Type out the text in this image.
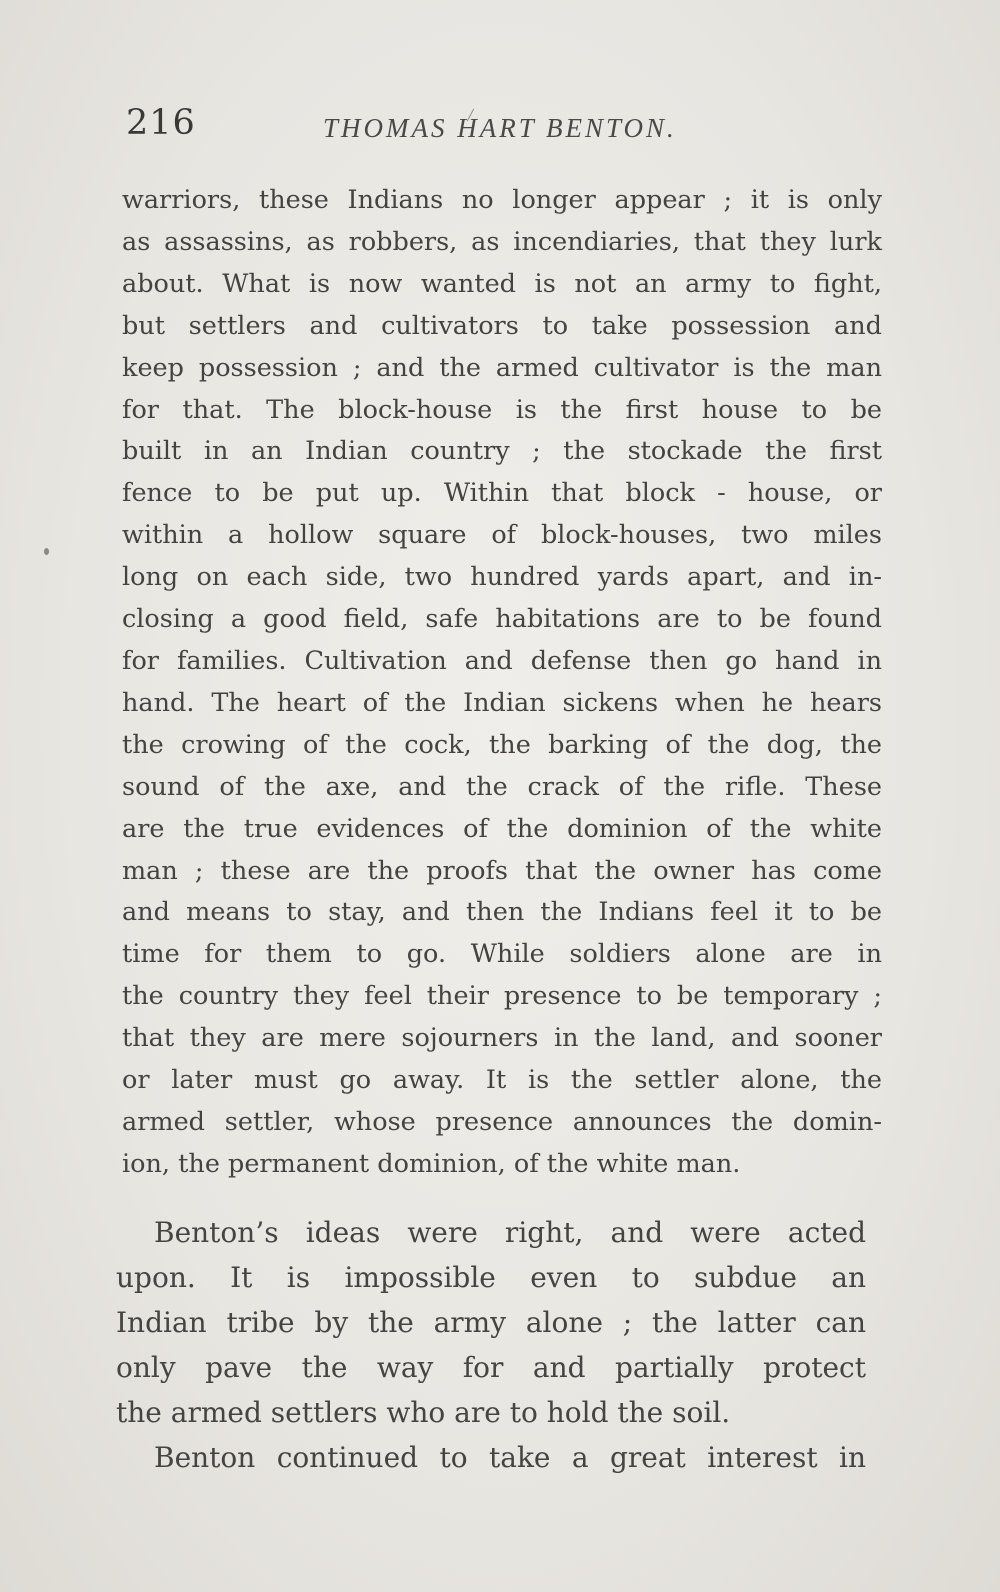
216	THOMAS HART BENTON.
warriors, these Indians no longer appear ; it is only
as assassins, as robbers, as incendiaries, that they lurk
about. What is now wanted is not an army to fight,
but settlers and cultivators to take possession and
keep possession ; and the armed cultivator is the man
for that. The block-house is the first house to be
built in an Indian country ; the stockade the first
fence to be put up. Within that block - house, or
within a hollow square of block-houses, two miles
long on each side, two hundred yards apart, and in-
closing a good field, safe habitations are to be found
for families. Cultivation and defense then go hand in
hand. The heart of the Indian sickens when he hears
the crowing of the cock, the barking of the dog, the
sound of the axe, and the crack of the rifle. These
are the true evidences of the dominion of the white
man ; these are the proofs that the owner has come
and means to stay, and then the Indians feel it to be
time for them to go. While soldiers alone are in
the country they feel their presence to be temporary ;
that they are mere sojourners in the land, and sooner
or later must go away. It is the settler alone, the
armed settler, whose presence announces the domin-
ion, the permanent dominion, of the white man.
Benton’s ideas were right, and were acted
upon. It is impossible even to subdue an
Indian tribe by the army alone ; the latter can
only pave the way for and partially protect
the armed settlers who are to hold the soil.
Benton continued to take a great interest in
